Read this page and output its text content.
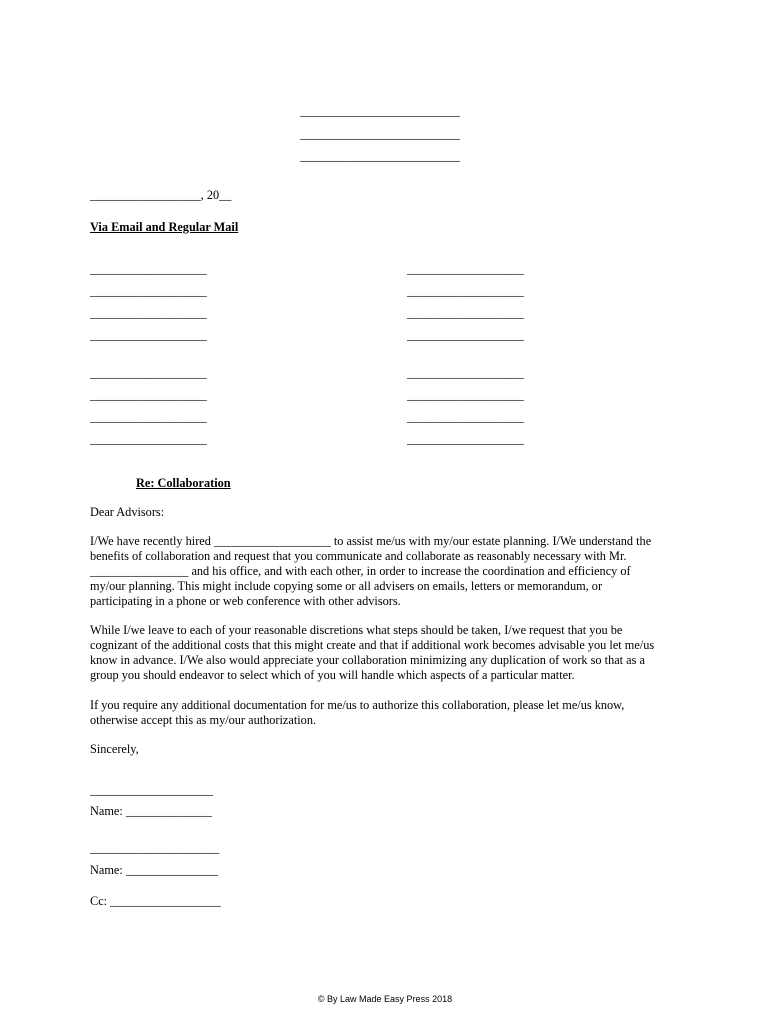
__________________________
__________________________
__________________________
__________________, 20__
Via Email and Regular Mail
___________________
___________________
___________________
___________________
___________________
___________________
___________________
___________________
___________________
___________________
___________________
___________________
___________________
___________________
___________________
___________________
Re: Collaboration
Dear Advisors:
I/We have recently hired ___________________ to assist me/us with my/our estate planning. I/We understand the
benefits of collaboration and request that you communicate and collaborate as reasonably necessary with Mr.
________________ and his office, and with each other, in order to increase the coordination and efficiency of
my/our planning. This might include copying some or all advisers on emails, letters or memorandum, or
participating in a phone or web conference with other advisors.
While I/we leave to each of your reasonable discretions what steps should be taken, I/we request that you be
cognizant of the additional costs that this might create and that if additional work becomes advisable you let me/us
know in advance. I/We also would appreciate your collaboration minimizing any duplication of work so that as a
group you should endeavor to select which of you will handle which aspects of a particular matter.
If you require any additional documentation for me/us to authorize this collaboration, please let me/us know,
otherwise accept this as my/our authorization.
Sincerely,
____________________
Name: ______________
_____________________
Name: _______________
Cc: __________________
© By Law Made Easy Press 2018
